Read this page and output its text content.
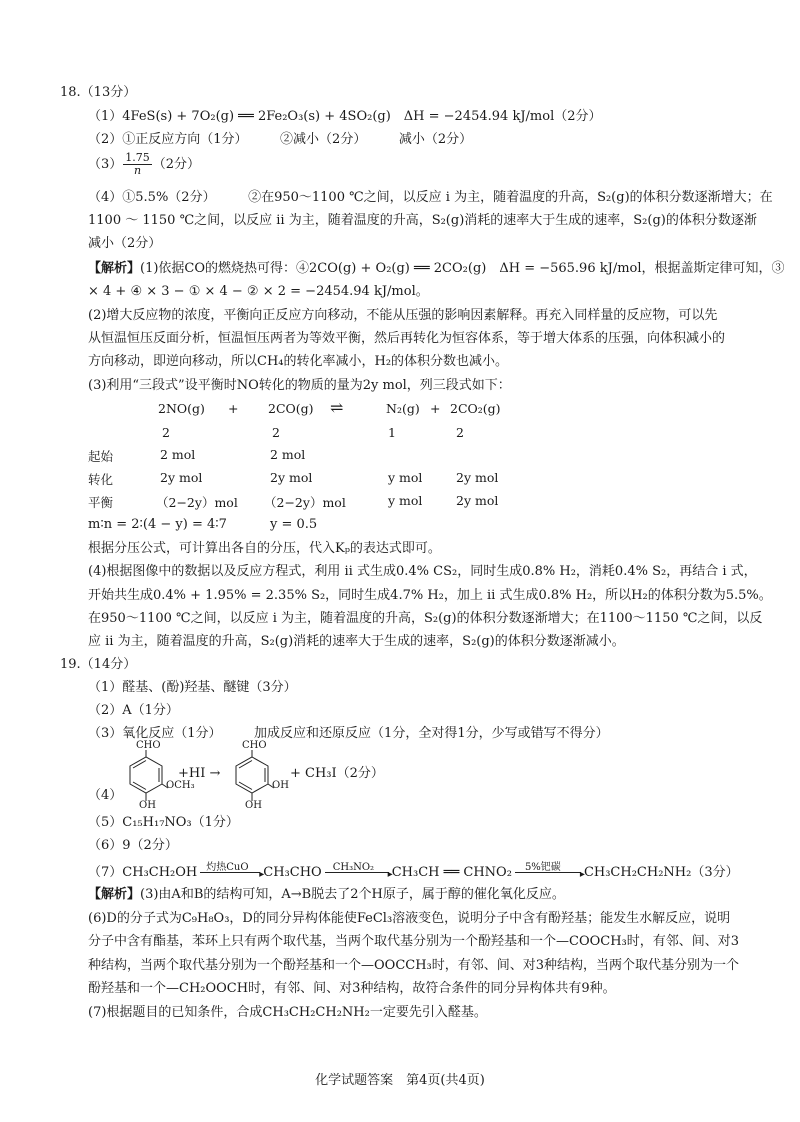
18.（13分）
（1）4FeS(s) + 7O₂(g) ══ 2Fe₂O₃(s) + 4SO₂(g)　ΔH = −2454.94 kJ/mol（2分）
（2）①正反应方向（1分）　　　②减小（2分）　　　减小（2分）
$(3) \frac{1.75}{n} (2$分）
（4）①5.5%（2分）　　　②在950～1100 ℃之间，以反应 ⅰ 为主，随着温度的升高，S₂(g)的体积分数逐渐增大；在
1100 ～ 1150 ℃之间，以反应 ⅱ 为主，随着温度的升高，S₂(g)消耗的速率大于生成的速率，S₂(g)的体积分数逐渐
减小（2分）
【解析】(1)依据CO的燃烧热可得：④2CO(g) + O₂(g) ══ 2CO₂(g)　ΔH = −565.96 kJ/mol，根据盖斯定律可知，③
× 4 + ④ × 3 − ① × 4 − ② × 2 = −2454.94 kJ/mol。
(2)增大反应物的浓度，平衡向正反应方向移动，不能从压强的影响因素解释。再充入同样量的反应物，可以先
从恒温恒压反面分析，恒温恒压两者为等效平衡，然后再转化为恒容体系，等于增大体系的压强，向体积减小的
方向移动，即逆向移动，所以CH₄的转化率减小，H₂的体积分数也减小。
(3)利用“三段式”设平衡时NO转化的物质的量为2y mol，列三段式如下：
2NO(g) + 2CO(g) ⇌	N₂(g) + 2CO₂(g)
2	2	1	2
起始	2 mol	2 mol
转化	2y mol	2y mol	y mol	2y mol
平衡	（2−2y）mol （2−2y）mol	y mol	2y mol
m∶n = 2∶(4 − y) = 4∶7	y = 0.5
根据分压公式，可计算出各自的分压，代入Kₚ的表达式即可。
(4)根据图像中的数据以及反应方程式，利用 ⅱ 式生成0.4% CS₂，同时生成0.8% H₂，消耗0.4% S₂，再结合 ⅰ 式，
开始共生成0.4% + 1.95% = 2.35% S₂，同时生成4.7% H₂，加上 ⅱ 式生成0.8% H₂，所以H₂的体积分数为5.5%。
在950～1100 ℃之间，以反应 ⅰ 为主，随着温度的升高，S₂(g)的体积分数逐渐增大；在1100～1150 ℃之间，以反
应 ⅱ 为主，随着温度的升高，S₂(g)消耗的速率大于生成的速率，S₂(g)的体积分数逐渐减小。
19.（14分）
（1）醛基、(酚)羟基、醚键（3分）
（2）A（1分）
（3）氧化反应（1分）　　　加成反应和还原反应（1分，全对得1分，少写或错写不得分）
（4）
CHO
OCH₃
OH
+HI →
CHO
OH
OH
+ CH₃I（2分）
（5）C₁₅H₁₇NO₃（1分）
（6）9（2分）
（7）CH₃CH₂OH	▸
灼热CuO CH₃CHO	▸
CH₃NO₂ CH₃CH ══ CHNO₂	▸
5%钯碳 CH₃CH₂CH₂NH₂（3分）
【解析】(3)由A和B的结构可知，A→B脱去了2个H原子，属于醇的催化氧化反应。
(6)D的分子式为C₉H₈O₃，D的同分异构体能使FeCl₃溶液变色，说明分子中含有酚羟基；能发生水解反应，说明
分子中含有酯基，苯环上只有两个取代基，当两个取代基分别为一个酚羟基和一个—COOCH₃时，有邻、间、对3
种结构，当两个取代基分别为一个酚羟基和一个—OOCCH₃时，有邻、间、对3种结构，当两个取代基分别为一个
酚羟基和一个—CH₂OOCH时，有邻、间、对3种结构，故符合条件的同分异构体共有9种。
(7)根据题目的已知条件，合成CH₃CH₂CH₂NH₂一定要先引入醛基。
化学试题答案　第4页(共4页)
